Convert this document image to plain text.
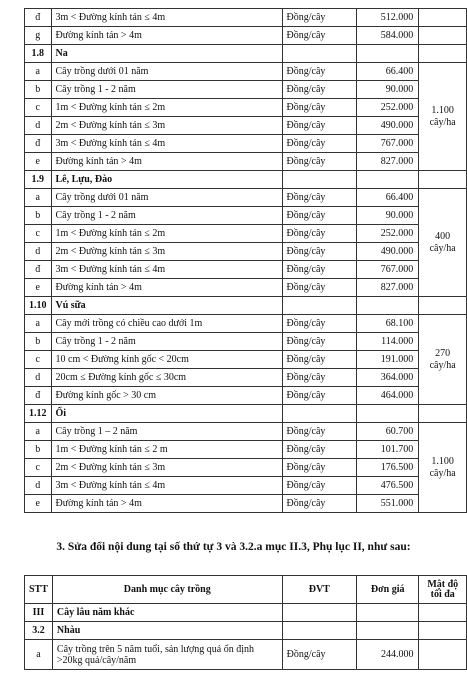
đ	3m < Đường kính tán ≤ 4m	Đồng/cây	512.000	
g	Đường kính tán > 4m	Đồng/cây	584.000	
1.8	Na			
a	Cây trồng dưới 01 năm	Đồng/cây	66.400	1.100
cây/ha
b	Cây trồng 1 - 2 năm	Đồng/cây	90.000	
c	1m < Đường kính tán ≤ 2m	Đồng/cây	252.000	
d	2m < Đường kính tán ≤ 3m	Đồng/cây	490.000	
đ	3m < Đường kính tán ≤ 4m	Đồng/cây	767.000	
e	Đường kính tán > 4m	Đồng/cây	827.000	
1.9	Lê, Lựu, Đào			
a	Cây trồng dưới 01 năm	Đồng/cây	66.400	400
cây/ha
b	Cây trồng 1 - 2 năm	Đồng/cây	90.000	
c	1m < Đường kính tán ≤ 2m	Đồng/cây	252.000	
d	2m < Đường kính tán ≤ 3m	Đồng/cây	490.000	
đ	3m < Đường kính tán ≤ 4m	Đồng/cây	767.000	
e	Đường kính tán > 4m	Đồng/cây	827.000	
1.10	Vú sữa			
a	Cây mới trồng có chiều cao dưới 1m	Đồng/cây	68.100	270
cây/ha
b	Cây trồng 1 - 2 năm	Đồng/cây	114.000	
c	10 cm < Đường kính gốc < 20cm	Đồng/cây	191.000	
d	20cm ≤ Đường kính gốc ≤ 30cm	Đồng/cây	364.000	
đ	Đường kính gốc > 30 cm	Đồng/cây	464.000	
1.12	Ổi			
a	Cây trồng 1 – 2 năm	Đồng/cây	60.700	1.100
cây/ha
b	1m < Đường kính tán ≤ 2 m	Đồng/cây	101.700	
c	2m < Đường kính tán ≤ 3m	Đồng/cây	176.500	
d	3m < Đường kính tán ≤ 4m	Đồng/cây	476.500	
e	Đường kính tán > 4m	Đồng/cây	551.000	
3. Sửa đổi nội dung tại số thứ tự 3 và 3.2.a mục II.3, Phụ lục II, như sau:
STT	Danh mục cây trồng	ĐVT	Đơn giá	Mật độ tối đa
III	Cây lâu năm khác			
3.2	Nhàu			
a	Cây trồng trên 5 năm tuổi, sản lượng quả ổn định >20kg quả/cây/năm	Đồng/cây	244.000	
